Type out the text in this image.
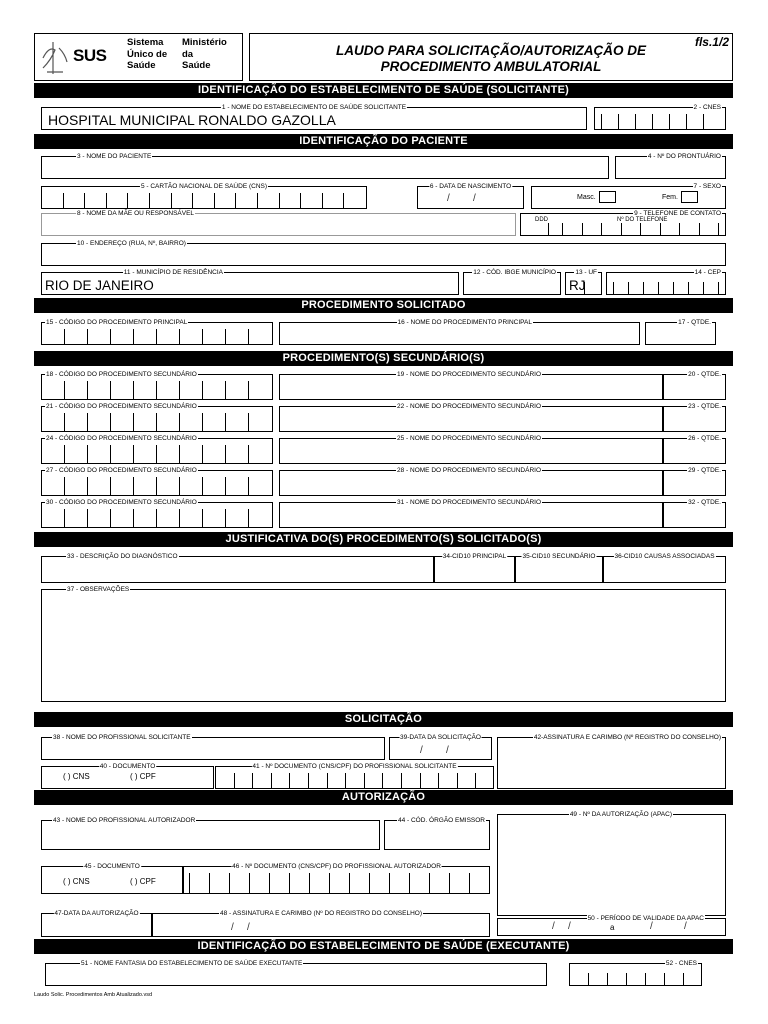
SUS
Sistema
Único de
Saúde
Ministério
da
Saúde
LAUDO PARA SOLICITAÇÃO/AUTORIZAÇÃO DE
PROCEDIMENTO AMBULATORIAL
fls.1/2
IDENTIFICAÇÃO DO ESTABELECIMENTO DE SAÚDE (SOLICITANTE)
1 - NOME DO ESTABELECIMENTO DE SAÚDE SOLICITANTE
HOSPITAL MUNICIPAL RONALDO GAZOLLA
2 - CNES
IDENTIFICAÇÃO DO PACIENTE
3 - NOME DO PACIENTE	4 - Nº DO PRONTUÁRIO
5 - CARTÃO NACIONAL DE SAÚDE (CNS)	6 - DATA DE NASCIMENTO
/ /
7 - SEXO
Masc.	Fem.
8 - NOME DA MÃE OU RESPONSÁVEL	9 - TELEFONE DE CONTATO
DDD	Nº DO TELEFONE
10 - ENDEREÇO (RUA, Nº, BAIRRO)
11 - MUNICÍPIO DE RESIDÊNCIA
RIO DE JANEIRO
12 - CÓD. IBGE MUNICÍPIO	13 - UF
RJ
14 - CEP
PROCEDIMENTO SOLICITADO
15 - CÓDIGO DO PROCEDIMENTO PRINCIPAL	16 - NOME DO PROCEDIMENTO PRINCIPAL	17 - QTDE.
PROCEDIMENTO(S) SECUNDÁRIO(S)
18 - CÓDIGO DO PROCEDIMENTO SECUNDÁRIO	19 - NOME DO PROCEDIMENTO SECUNDÁRIO	20 - QTDE.
21 - CÓDIGO DO PROCEDIMENTO SECUNDÁRIO	22 - NOME DO PROCEDIMENTO SECUNDÁRIO	23 - QTDE.
24 - CÓDIGO DO PROCEDIMENTO SECUNDÁRIO	25 - NOME DO PROCEDIMENTO SECUNDÁRIO	26 - QTDE.
27 - CÓDIGO DO PROCEDIMENTO SECUNDÁRIO	28 - NOME DO PROCEDIMENTO SECUNDÁRIO	29 - QTDE.
30 - CÓDIGO DO PROCEDIMENTO SECUNDÁRIO	31 - NOME DO PROCEDIMENTO SECUNDÁRIO	32 - QTDE.
JUSTIFICATIVA DO(S) PROCEDIMENTO(S) SOLICITADO(S)
33 - DESCRIÇÃO DO DIAGNÓSTICO	34-CID10 PRINCIPAL	35-CID10 SECUNDÁRIO	36-CID10 CAUSAS ASSOCIADAS
37 - OBSERVAÇÕES
SOLICITAÇÃO
38 - NOME DO PROFISSIONAL SOLICITANTE	39-DATA DA SOLICITAÇÃO
/ /
42-ASSINATURA E CARIMBO (Nº REGISTRO DO CONSELHO)
40 - DOCUMENTO
( ) CNS	( ) CPF
41 - Nº DOCUMENTO (CNS/CPF) DO PROFISSIONAL SOLICITANTE
AUTORIZAÇÃO
43 - NOME DO PROFISSIONAL AUTORIZADOR	44 - CÓD. ÓRGÃO EMISSOR
49 - Nº DA AUTORIZAÇÃO (APAC)
45 - DOCUMENTO
( ) CNS	( ) CPF
46 - Nº DOCUMENTO (CNS/CPF) DO PROFISSIONAL AUTORIZADOR
47-DATA DA AUTORIZAÇÃO	48 - ASSINATURA E CARIMBO (Nº DO REGISTRO DO CONSELHO)
/ /
50 - PERÍODO DE VALIDADE DA APAC
/ /	a	/	/
IDENTIFICAÇÃO DO ESTABELECIMENTO DE SAÚDE (EXECUTANTE)
51 - NOME FANTASIA DO ESTABELECIMENTO DE SAÚDE EXECUTANTE	52 - CNES
Laudo Solic. Procedimentos Amb Atualizado.vsd
